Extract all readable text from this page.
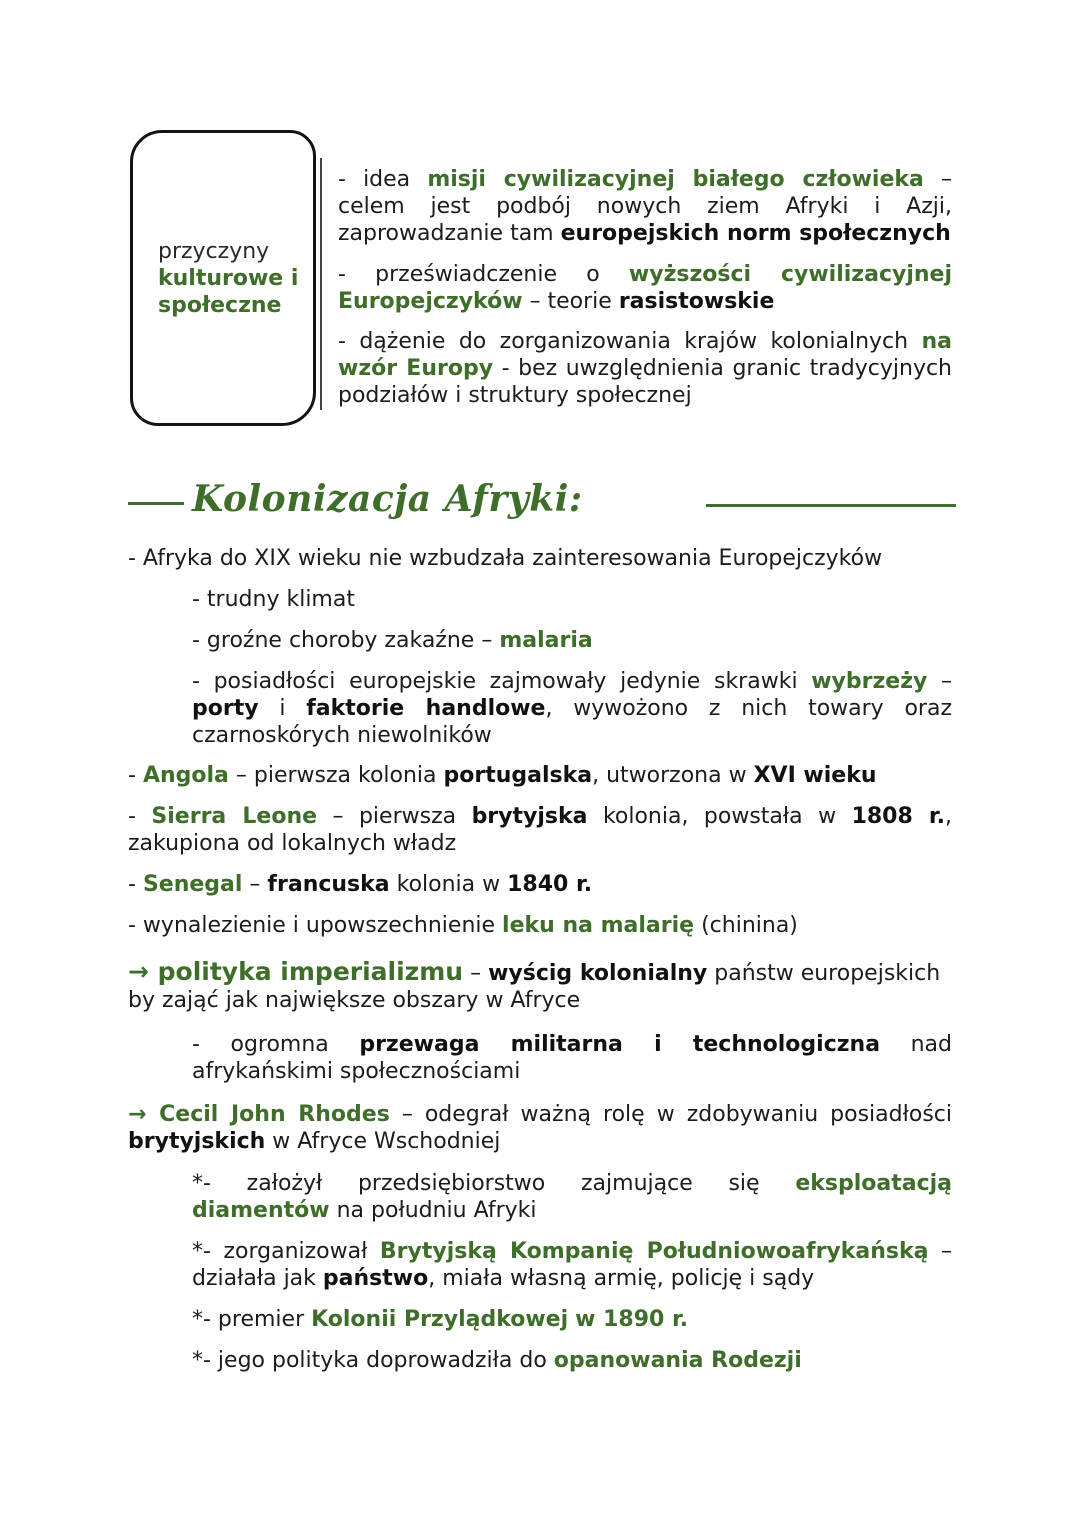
przyczyny
kulturowe i
społeczne
- idea misji cywilizacyjnej białego człowieka – celem jest podbój nowych ziem Afryki i Azji, zaprowadzanie tam europejskich norm społecznych
- przeświadczenie o wyższości cywilizacyjnej Europejczyków – teorie rasistowskie
- dążenie do zorganizowania krajów kolonialnych na wzór Europy - bez uwzględnienia granic tradycyjnych podziałów i struktury społecznej
Kolonizacja Afryki:
- Afryka do XIX wieku nie wzbudzała zainteresowania Europejczyków
- trudny klimat
- groźne choroby zakaźne – malaria
- posiadłości europejskie zajmowały jedynie skrawki wybrzeży – porty i faktorie handlowe, wywożono z nich towary oraz czarnoskórych niewolników
- Angola – pierwsza kolonia portugalska, utworzona w XVI wieku
- Sierra Leone – pierwsza brytyjska kolonia, powstała w 1808 r., zakupiona od lokalnych władz
- Senegal – francuska kolonia w 1840 r.
- wynalezienie i upowszechnienie leku na malarię (chinina)
→ polityka imperializmu – wyścig kolonialny państw europejskich by zająć jak największe obszary w Afryce
- ogromna przewaga militarna i technologiczna nad afrykańskimi społecznościami
→ Cecil John Rhodes – odegrał ważną rolę w zdobywaniu posiadłości brytyjskich w Afryce Wschodniej
*- założył przedsiębiorstwo zajmujące się eksploatacją diamentów na południu Afryki
*- zorganizował Brytyjską Kompanię Południowoafrykańską – działała jak państwo, miała własną armię, policję i sądy
*- premier Kolonii Przylądkowej w 1890 r.
*- jego polityka doprowadziła do opanowania Rodezji
